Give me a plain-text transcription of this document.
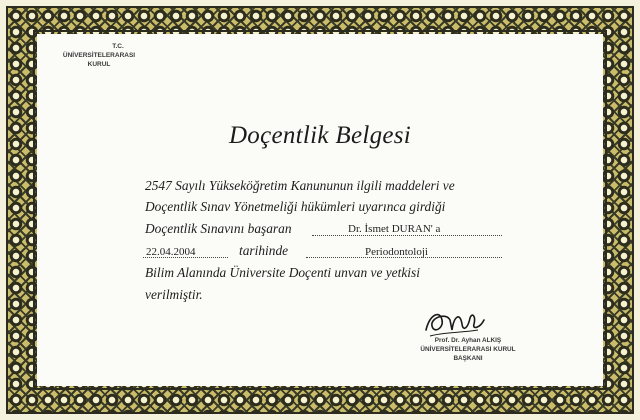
T.C.
ÜNİVERSİTELERARASI KURUL
Doçentlik Belgesi
2547 Sayılı Yükseköğretim Kanununun ilgili maddeleri ve
Doçentlik Sınav Yönetmeliği hükümleri uyarınca girdiği
Doçentlik Sınavını başaran	Dr. İsmet DURAN' a
22.04.2004	tarihinde	Periodontoloji
Bilim Alanında Üniversite Doçenti unvan ve yetkisi
verilmiştir.
Prof. Dr. Ayhan ALKIŞ
ÜNİVERSİTELERARASI KURUL
BAŞKANI
